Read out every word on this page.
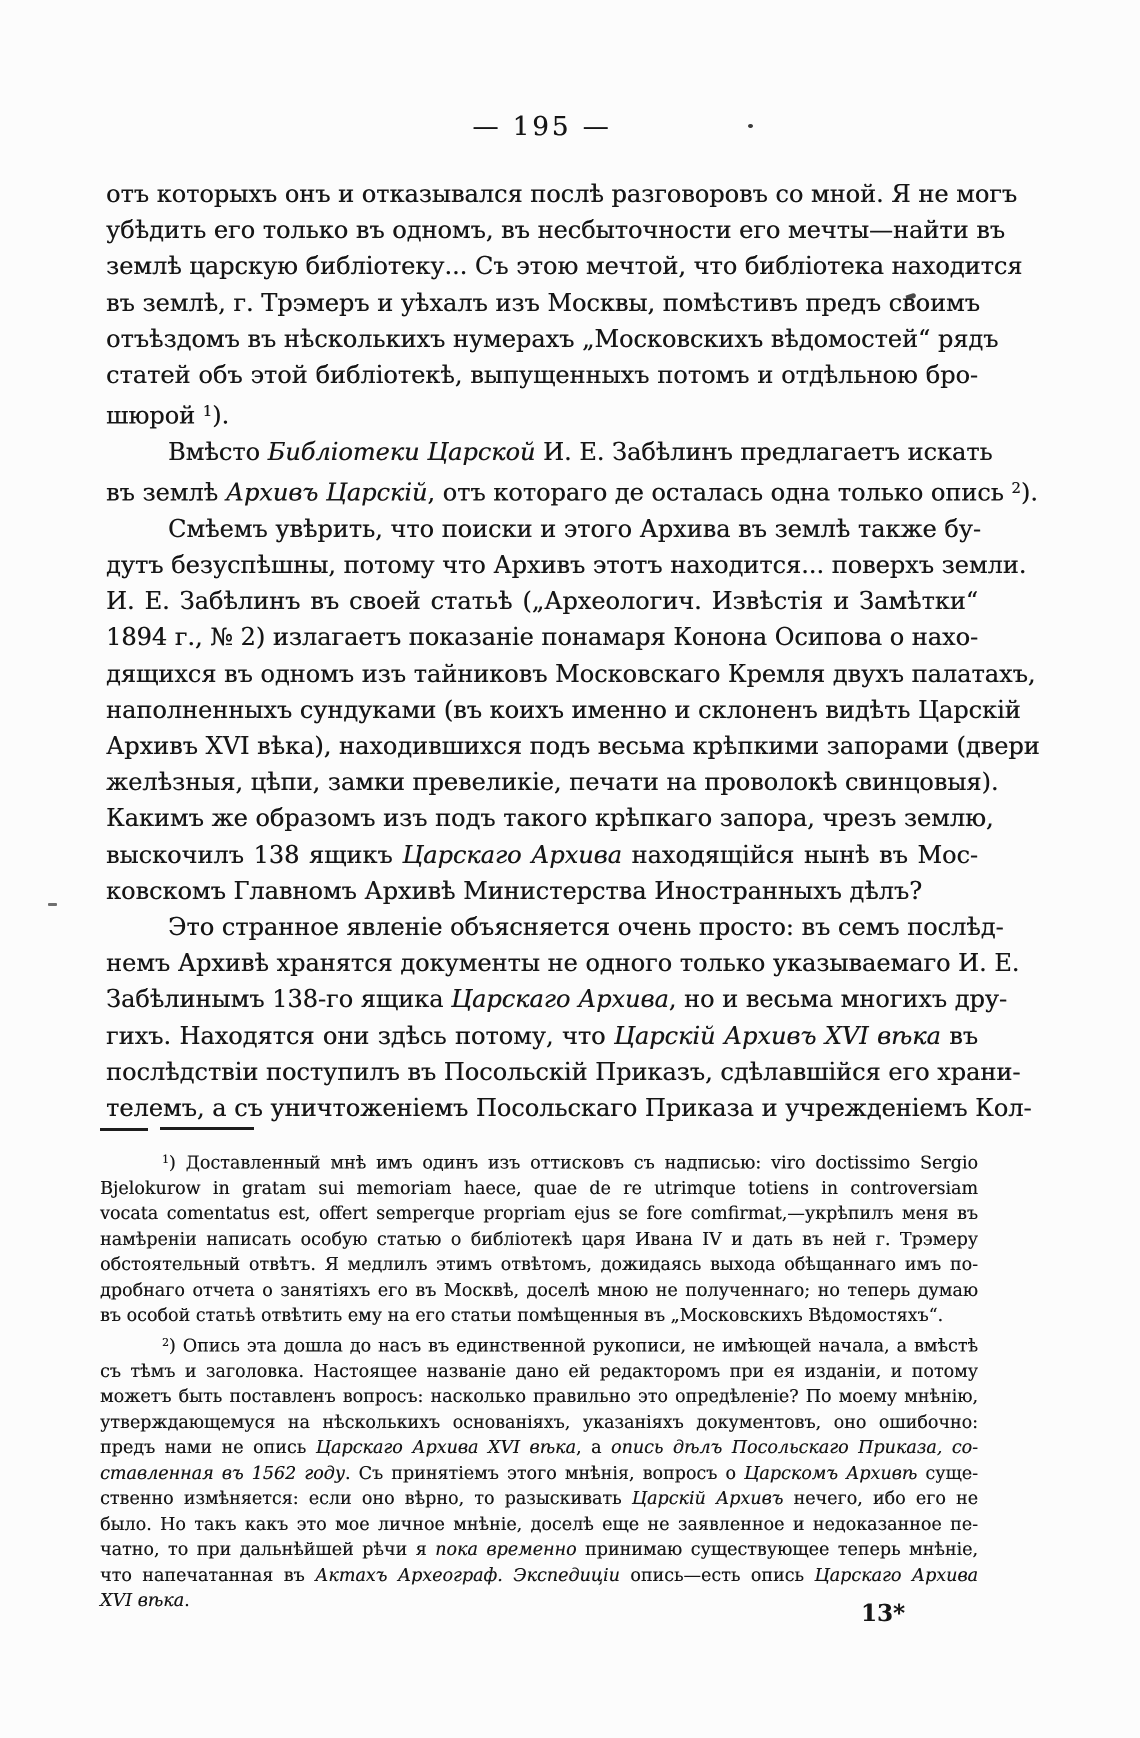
— 195 —
отъ которыхъ онъ и отказывался послѣ разговоровъ со мной. Я не могъ
убѣдить его только въ одномъ, въ несбыточности его мечты—найти въ
землѣ царскую библіотеку... Съ этою мечтой, что библіотека находится
въ землѣ, г. Трэмеръ и уѣхалъ изъ Москвы, помѣстивъ предъ своимъ
отъѣздомъ въ нѣсколькихъ нумерахъ „Московскихъ вѣдомостей“ рядъ
статей объ этой библіотекѣ, выпущенныхъ потомъ и отдѣльною бро-
шюрой $^1$).
Вмѣсто Библіотеки Царской И. Е. Забѣлинъ предлагаетъ искать
въ землѣ Архивъ Царскій, отъ котораго де осталась одна только опись $^2$).
Смѣемъ увѣрить, что поиски и этого Архива въ землѣ также бу-
дутъ безуспѣшны, потому что Архивъ этотъ находится... поверхъ земли.
И. Е. Забѣлинъ въ своей статьѣ („Археологич. Извѣстія и Замѣтки“
1894 г., № 2) излагаетъ показаніе понамаря Конона Осипова о нахо-
дящихся въ одномъ изъ тайниковъ Московскаго Кремля двухъ палатахъ,
наполненныхъ сундуками (въ коихъ именно и склоненъ видѣть Царскій
Архивъ XVI вѣка), находившихся подъ весьма крѣпкими запорами (двери
желѣзныя, цѣпи, замки превеликіе, печати на проволокѣ свинцовыя).
Какимъ же образомъ изъ подъ такого крѣпкаго запора, чрезъ землю,
выскочилъ 138 ящикъ Царскаго Архива находящійся нынѣ въ Мос-
ковскомъ Главномъ Архивѣ Министерства Иностранныхъ дѣлъ?
Это странное явленіе объясняется очень просто: въ семъ послѣд-
немъ Архивѣ хранятся документы не одного только указываемаго И. Е.
Забѣлинымъ 138-го ящика Царскаго Архива, но и весьма многихъ дру-
гихъ. Находятся они здѣсь потому, что Царскій Архивъ XVI вѣка въ
послѣдствіи поступилъ въ Посольскій Приказъ, сдѣлавшійся его храни-
телемъ, а съ уничтоженіемъ Посольскаго Приказа и учрежденіемъ Кол-
$^1$) Доставленный мнѣ имъ одинъ изъ оттисковъ съ надписью: viro doctissimo Sergio
Bjelokurow in gratam sui memoriam haece, quae de re utrimque totiens in controversiam
vocata comentatus est, offert semperque propriam ejus se fore comfirmat,—укрѣпилъ меня въ
намѣреніи написать особую статью о библіотекѣ царя Ивана IV и дать въ ней г. Трэмеру
обстоятельный отвѣтъ. Я медлилъ этимъ отвѣтомъ, дожидаясь выхода обѣщаннаго имъ по-
дробнаго отчета о занятіяхъ его въ Москвѣ, доселѣ мною не полученнаго; но теперь думаю
въ особой статьѣ отвѣтить ему на его статьи помѣщенныя въ „Московскихъ Вѣдомостяхъ“.
$^2$) Опись эта дошла до насъ въ единственной рукописи, не имѣющей начала, а вмѣстѣ
съ тѣмъ и заголовка. Настоящее названіе дано ей редакторомъ при ея изданіи, и потому
можетъ быть поставленъ вопросъ: насколько правильно это опредѣленіе? По моему мнѣнію,
утверждающемуся на нѣсколькихъ основаніяхъ, указаніяхъ документовъ, оно ошибочно:
предъ нами не опись Царскаго Архива XVI вѣка, а опись дѣлъ Посольскаго Приказа, со-
ставленная въ 1562 году. Съ принятіемъ этого мнѣнія, вопросъ о Царскомъ Архивѣ суще-
ственно измѣняется: если оно вѣрно, то разыскивать Царскій Архивъ нечего, ибо его не
было. Но такъ какъ это мое личное мнѣніе, доселѣ еще не заявленное и недоказанное пе-
чатно, то при дальнѣйшей рѣчи я пока временно принимаю существующее теперь мнѣніе,
что напечатанная въ Актахъ Археограф. Экспедиціи опись—есть опись Царскаго Архива
XVI вѣка.	13*
